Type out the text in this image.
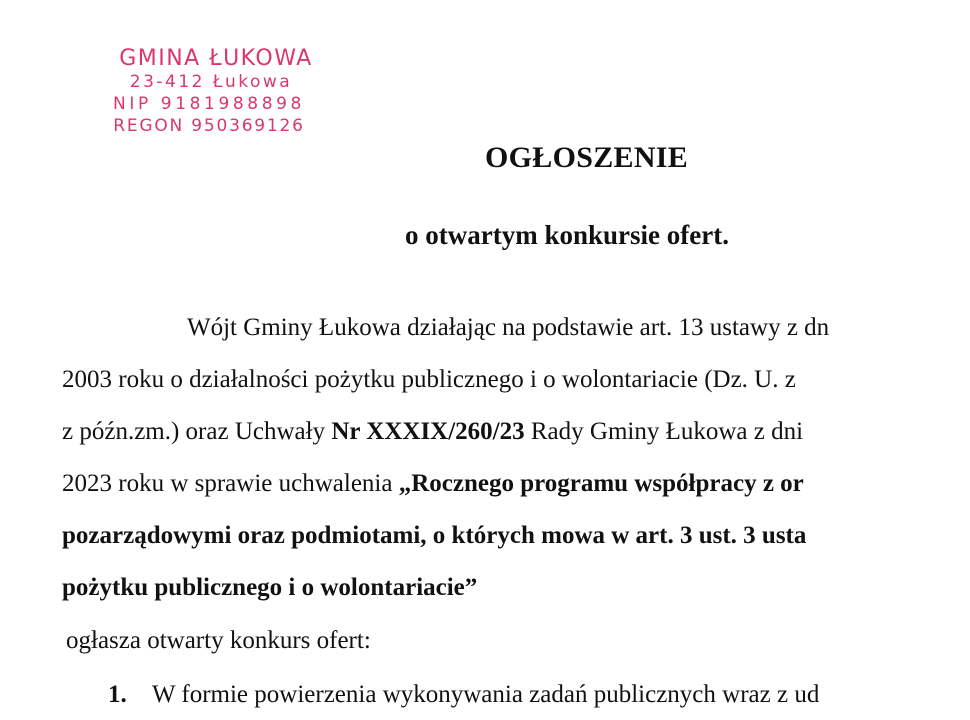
GMINA ŁUKOWA
23-412 Łukowa
NIP 9181988898
REGON 950369126
OGŁOSZENIE
o otwartym konkursie ofert.
Wójt Gminy Łukowa działając na podstawie art. 13 ustawy z dn
2003 roku o działalności pożytku publicznego i o wolontariacie (Dz. U. z
z późn.zm.) oraz Uchwały Nr XXXIX/260/23 Rady Gminy Łukowa z dni
2023 roku w sprawie uchwalenia „Rocznego programu współpracy z or
pozarządowymi oraz podmiotami, o których mowa w art. 3 ust. 3 usta
pożytku publicznego i o wolontariacie”
ogłasza otwarty konkurs ofert:
1. W formie powierzenia wykonywania zadań publicznych wraz z ud
